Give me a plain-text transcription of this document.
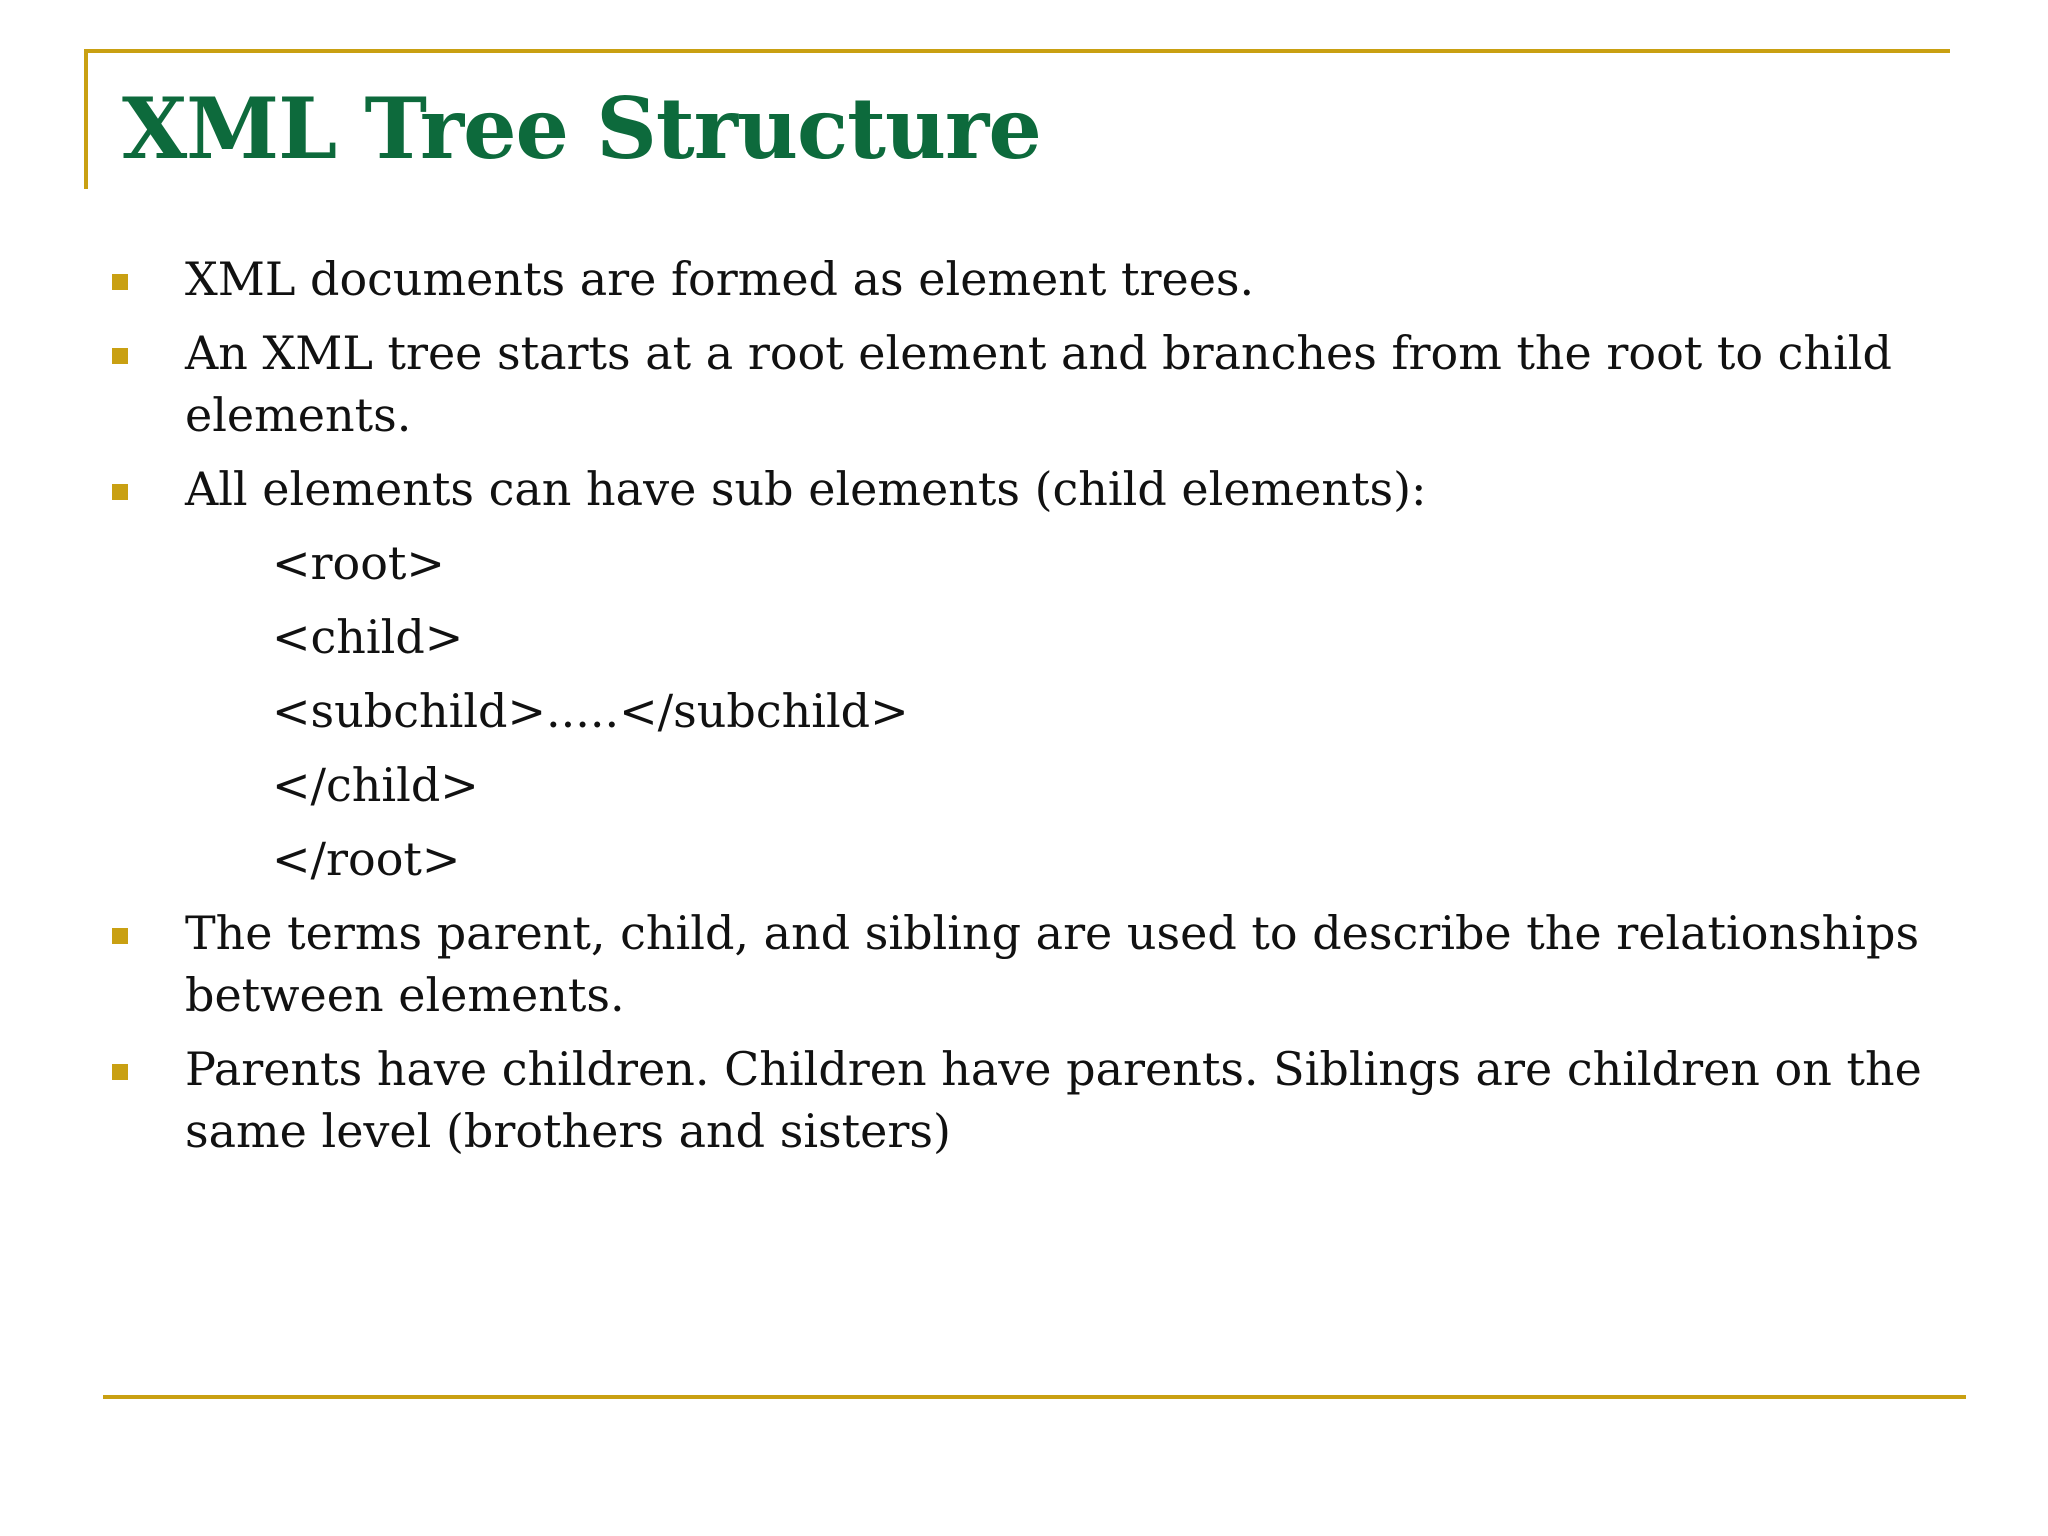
XML Tree Structure
XML documents are formed as element trees.
An XML tree starts at a root element and branches from the root to child elements.
All elements can have sub elements (child elements):
<root>
<child>
<subchild>.....</subchild>
</child>
</root>
The terms parent, child, and sibling are used to describe the relationships between elements.
Parents have children. Children have parents. Siblings are children on the same level (brothers and sisters)
